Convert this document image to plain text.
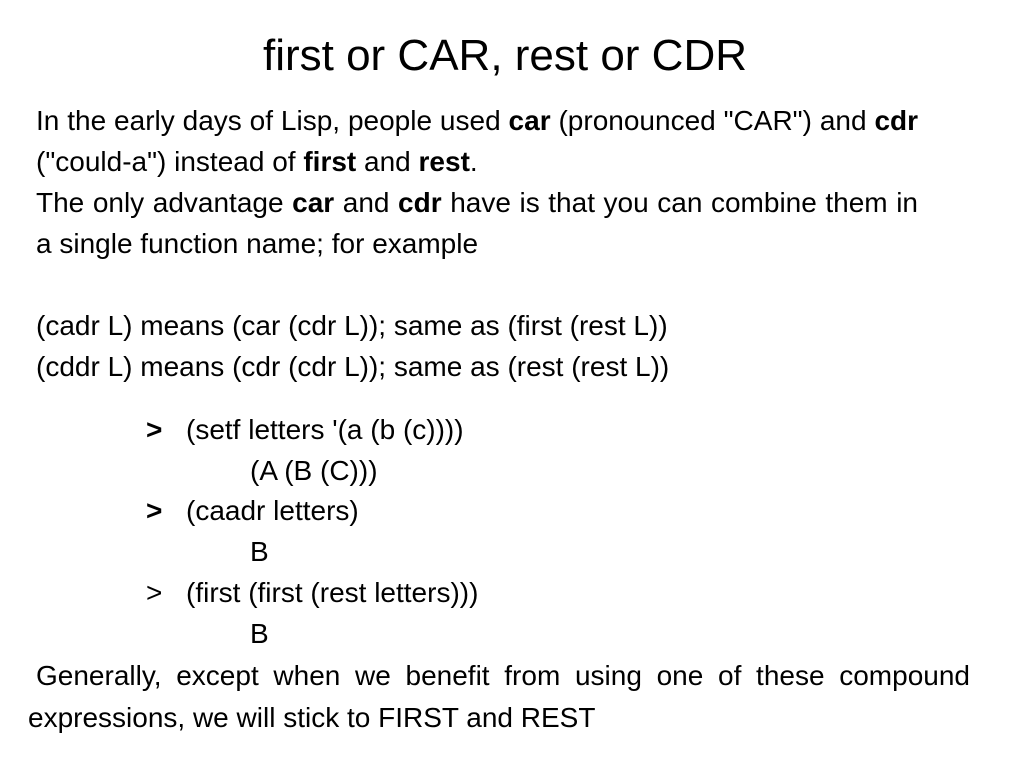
first or CAR, rest or CDR
In the early days of Lisp, people used car (pronounced "CAR") and cdr ("could-a") instead of first and rest.
The only advantage car and cdr have is that you can combine them in a single function name; for example
(cadr L) means (car (cdr L)); same as (first (rest L))
(cddr L) means (cdr (cdr L)); same as (rest (rest L))
> (setf letters '(a (b (c))))
(A (B (C)))
> (caadr letters)
B
> (first (first (rest letters)))
B
Generally, except when we benefit from using one of these compound expressions, we will stick to FIRST and REST
